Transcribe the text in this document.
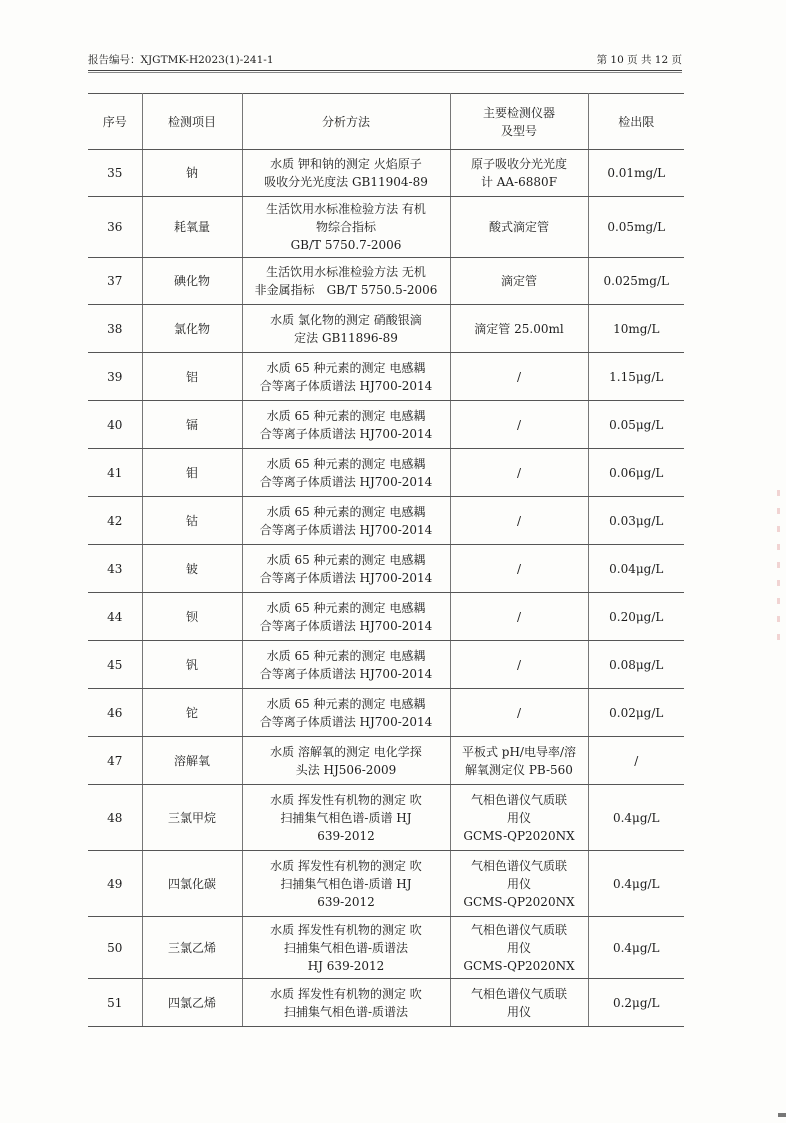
报告编号：XJGTMK-H2023(1)-241-1	第 10 页 共 12 页
序号	检测项目	分析方法	主要检测仪器
及型号	检出限
35	钠	水质 钾和钠的测定 火焰原子
吸收分光光度法 GB11904-89	原子吸收分光光度
计 AA-6880F	0.01mg/L
36	耗氧量	生活饮用水标准检验方法 有机
物综合指标
GB/T 5750.7-2006	酸式滴定管	0.05mg/L
37	碘化物	生活饮用水标准检验方法 无机
非金属指标　GB/T 5750.5-2006	滴定管	0.025mg/L
38	氯化物	水质 氯化物的测定 硝酸银滴
定法 GB11896-89	滴定管 25.00ml	10mg/L
39	铝	水质 65 种元素的测定 电感耦
合等离子体质谱法 HJ700-2014	/	1.15μg/L
40	镉	水质 65 种元素的测定 电感耦
合等离子体质谱法 HJ700-2014	/	0.05μg/L
41	钼	水质 65 种元素的测定 电感耦
合等离子体质谱法 HJ700-2014	/	0.06μg/L
42	钴	水质 65 种元素的测定 电感耦
合等离子体质谱法 HJ700-2014	/	0.03μg/L
43	铍	水质 65 种元素的测定 电感耦
合等离子体质谱法 HJ700-2014	/	0.04μg/L
44	钡	水质 65 种元素的测定 电感耦
合等离子体质谱法 HJ700-2014	/	0.20μg/L
45	钒	水质 65 种元素的测定 电感耦
合等离子体质谱法 HJ700-2014	/	0.08μg/L
46	铊	水质 65 种元素的测定 电感耦
合等离子体质谱法 HJ700-2014	/	0.02μg/L
47	溶解氧	水质 溶解氧的测定 电化学探
头法 HJ506-2009	平板式 pH/电导率/溶
解氧测定仪 PB-560	/
48	三氯甲烷	水质 挥发性有机物的测定 吹
扫捕集气相色谱-质谱 HJ
639-2012	气相色谱仪气质联
用仪
GCMS-QP2020NX	0.4μg/L
49	四氯化碳	水质 挥发性有机物的测定 吹
扫捕集气相色谱-质谱 HJ
639-2012	气相色谱仪气质联
用仪
GCMS-QP2020NX	0.4μg/L
50	三氯乙烯	水质 挥发性有机物的测定 吹
扫捕集气相色谱-质谱法
HJ 639-2012	气相色谱仪气质联
用仪
GCMS-QP2020NX	0.4μg/L
51	四氯乙烯	水质 挥发性有机物的测定 吹
扫捕集气相色谱-质谱法	气相色谱仪气质联
用仪	0.2μg/L
